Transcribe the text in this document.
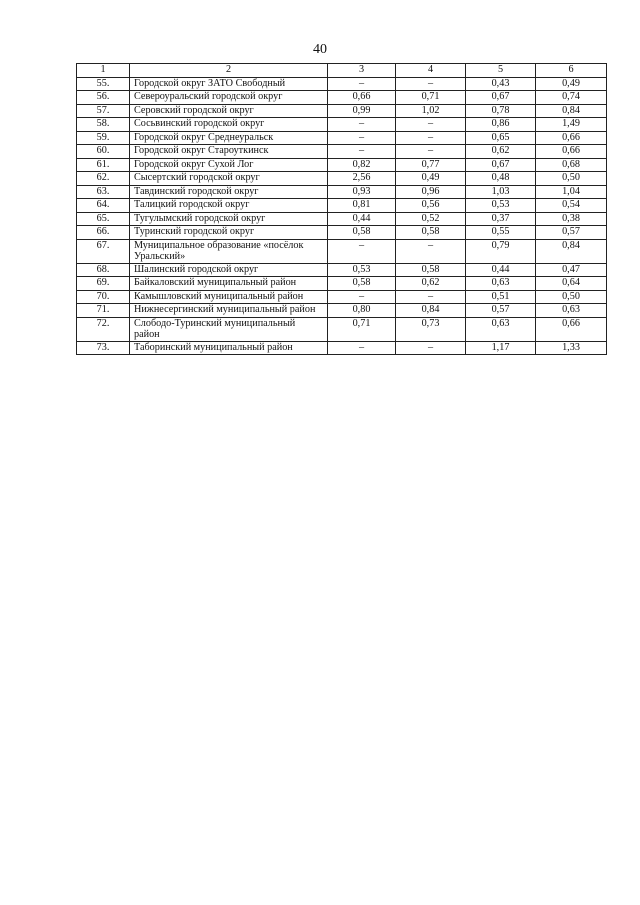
40
1	2	3	4	5	6
55.	Городской округ ЗАТО Свободный	–	–	0,43	0,49
56.	Североуральский городской округ	0,66	0,71	0,67	0,74
57.	Серовский городской округ	0,99	1,02	0,78	0,84
58.	Сосьвинский городской округ	–	–	0,86	1,49
59.	Городской округ Среднеуральск	–	–	0,65	0,66
60.	Городской округ Староуткинск	–	–	0,62	0,66
61.	Городской округ Сухой Лог	0,82	0,77	0,67	0,68
62.	Сысертский городской округ	2,56	0,49	0,48	0,50
63.	Тавдинский городской округ	0,93	0,96	1,03	1,04
64.	Талицкий городской округ	0,81	0,56	0,53	0,54
65.	Тугулымский городской округ	0,44	0,52	0,37	0,38
66.	Туринский городской округ	0,58	0,58	0,55	0,57
67.	Муниципальное образование «посёлок Уральский»	–	–	0,79	0,84
68.	Шалинский городской округ	0,53	0,58	0,44	0,47
69.	Байкаловский муниципальный район	0,58	0,62	0,63	0,64
70.	Камышловский муниципальный район	–	–	0,51	0,50
71.	Нижнесергинский муниципальный район	0,80	0,84	0,57	0,63
72.	Слободо-Туринский муниципальный район	0,71	0,73	0,63	0,66
73.	Таборинский муниципальный район	–	–	1,17	1,33
